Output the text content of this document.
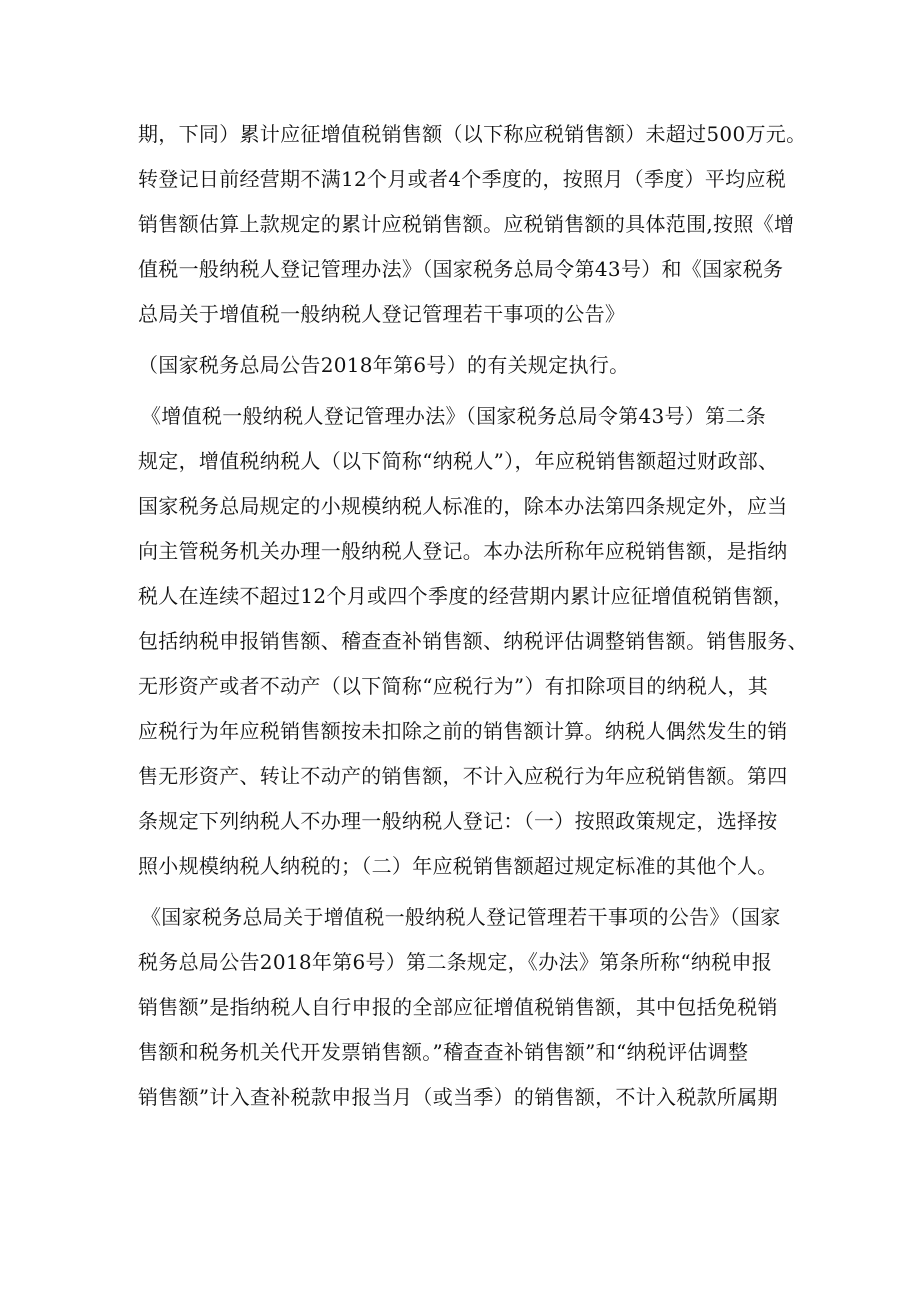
期，下同）累计应征增值税销售额（以下称应税销售额）未超过500万元。
转登记日前经营期不满12个月或者4个季度的，按照月（季度）平均应税
销售额估算上款规定的累计应税销售额。应税销售额的具体范围,按照《增
值税一般纳税人登记管理办法》（国家税务总局令第43号）和《国家税务
总局关于增值税一般纳税人登记管理若干事项的公告》
（国家税务总局公告2018年第6号）的有关规定执行。
《增值税一般纳税人登记管理办法》（国家税务总局令第43号）第二条
规定，增值税纳税人（以下简称“纳税人”），年应税销售额超过财政部、
国家税务总局规定的小规模纳税人标准的，除本办法第四条规定外，应当
向主管税务机关办理一般纳税人登记。本办法所称年应税销售额，是指纳
税人在连续不超过12个月或四个季度的经营期内累计应征增值税销售额，
包括纳税申报销售额、稽查查补销售额、纳税评估调整销售额。销售服务、
无形资产或者不动产（以下简称“应税行为”）有扣除项目的纳税人，其
应税行为年应税销售额按未扣除之前的销售额计算。纳税人偶然发生的销
售无形资产、转让不动产的销售额，不计入应税行为年应税销售额。第四
条规定下列纳税人不办理一般纳税人登记：（一）按照政策规定，选择按
照小规模纳税人纳税的；（二）年应税销售额超过规定标准的其他个人。
《国家税务总局关于增值税一般纳税人登记管理若干事项的公告》（国家
税务总局公告2018年第6号）第二条规定，《办法》第条所称“纳税申报
销售额”是指纳税人自行申报的全部应征增值税销售额，其中包括免税销
售额和税务机关代开发票销售额。”稽查查补销售额”和“纳税评估调整
销售额”计入查补税款申报当月（或当季）的销售额，不计入税款所属期
